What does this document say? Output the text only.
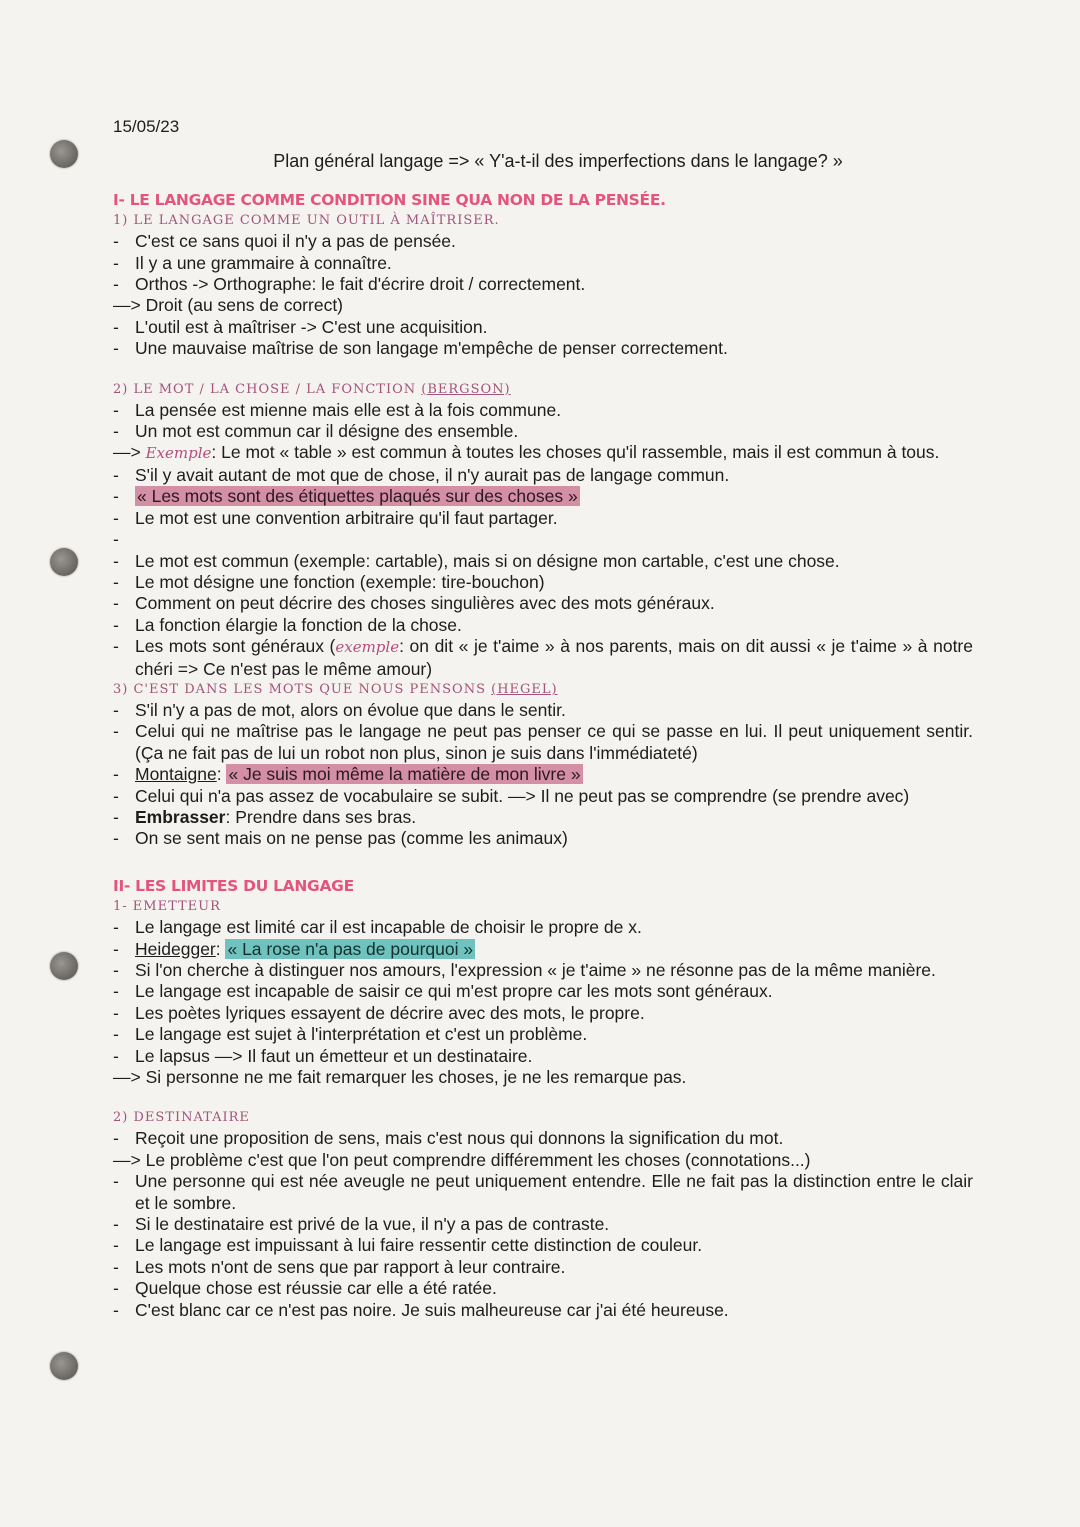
15/05/23
Plan général langage => « Y'a-t-il des imperfections dans le langage? »
I- LE LANGAGE COMME CONDITION SINE QUA NON DE LA PENSÉE.
1) LE LANGAGE COMME UN OUTIL À MAÎTRISER.
- C'est ce sans quoi il n'y a pas de pensée.
- Il y a une grammaire à connaître.
- Orthos -> Orthographe: le fait d'écrire droit / correctement.
—> Droit (au sens de correct)
- L'outil est à maîtriser -> C'est une acquisition.
- Une mauvaise maîtrise de son langage m'empêche de penser correctement.
2) LE MOT / LA CHOSE / LA FONCTION (BERGSON)
- La pensée est mienne mais elle est à la fois commune.
- Un mot est commun car il désigne des ensemble.
—> Exemple: Le mot « table » est commun à toutes les choses qu'il rassemble, mais il est commun à tous.
- S'il y avait autant de mot que de chose, il n'y aurait pas de langage commun.
- « Les mots sont des étiquettes plaqués sur des choses »
- Le mot est une convention arbitraire qu'il faut partager.
-
- Le mot est commun (exemple: cartable), mais si on désigne mon cartable, c'est une chose.
- Le mot désigne une fonction (exemple: tire-bouchon)
- Comment on peut décrire des choses singulières avec des mots généraux.
- La fonction élargie la fonction de la chose.
- Les mots sont généraux (exemple: on dit « je t'aime » à nos parents, mais on dit aussi « je t'aime » à notre chéri => Ce n'est pas le même amour)
3) C'EST DANS LES MOTS QUE NOUS PENSONS (HEGEL)
- S'il n'y a pas de mot, alors on évolue que dans le sentir.
- Celui qui ne maîtrise pas le langage ne peut pas penser ce qui se passe en lui. Il peut uniquement sentir. (Ça ne fait pas de lui un robot non plus, sinon je suis dans l'immédiateté)
- Montaigne: « Je suis moi même la matière de mon livre »
- Celui qui n'a pas assez de vocabulaire se subit. —> Il ne peut pas se comprendre (se prendre avec)
- Embrasser: Prendre dans ses bras.
- On se sent mais on ne pense pas (comme les animaux)
II- LES LIMITES DU LANGAGE
1- EMETTEUR
- Le langage est limité car il est incapable de choisir le propre de x.
- Heidegger: « La rose n'a pas de pourquoi »
- Si l'on cherche à distinguer nos amours, l'expression « je t'aime » ne résonne pas de la même manière.
- Le langage est incapable de saisir ce qui m'est propre car les mots sont généraux.
- Les poètes lyriques essayent de décrire avec des mots, le propre.
- Le langage est sujet à l'interprétation et c'est un problème.
- Le lapsus —> Il faut un émetteur et un destinataire.
—> Si personne ne me fait remarquer les choses, je ne les remarque pas.
2) DESTINATAIRE
- Reçoit une proposition de sens, mais c'est nous qui donnons la signification du mot.
—> Le problème c'est que l'on peut comprendre différemment les choses (connotations...)
- Une personne qui est née aveugle ne peut uniquement entendre. Elle ne fait pas la distinction entre le clair et le sombre.
- Si le destinataire est privé de la vue, il n'y a pas de contraste.
- Le langage est impuissant à lui faire ressentir cette distinction de couleur.
- Les mots n'ont de sens que par rapport à leur contraire.
- Quelque chose est réussie car elle a été ratée.
- C'est blanc car ce n'est pas noire. Je suis malheureuse car j'ai été heureuse.
